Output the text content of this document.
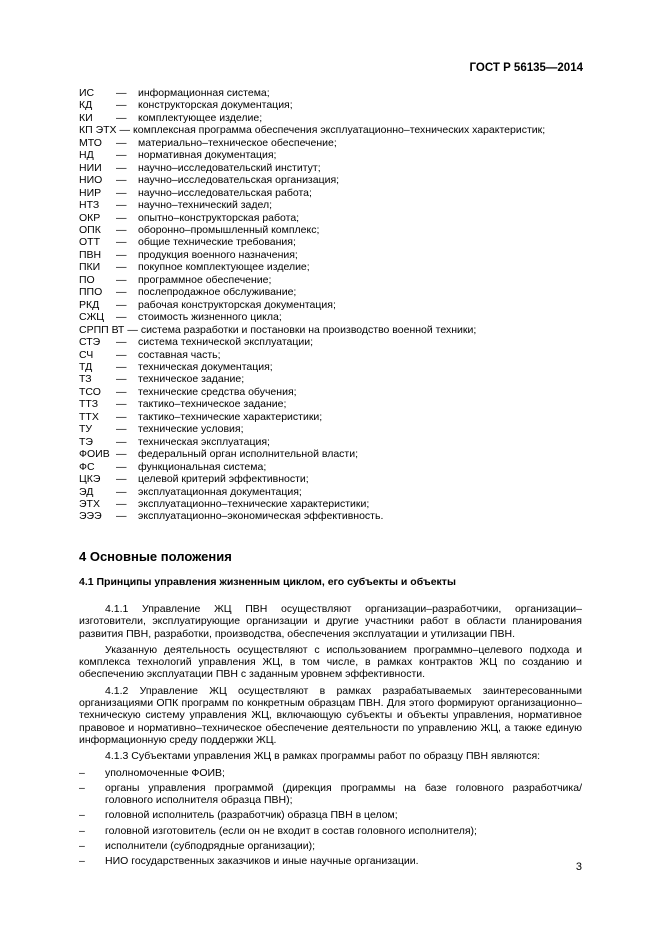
ГОСТ Р 56135—2014
ИС	—	информационная система;
КД	—	конструкторская документация;
КИ	—	комплектующее изделие;
КП ЭТХ — комплексная программа обеспечения эксплуатационно–технических характеристик;
МТО	—	материально–техническое обеспечение;
НД	—	нормативная документация;
НИИ	—	научно–исследовательский институт;
НИО	—	научно–исследовательская организация;
НИР	—	научно–исследовательская работа;
НТЗ	—	научно–технический задел;
ОКР	—	опытно–конструкторская работа;
ОПК	—	оборонно–промышленный комплекс;
ОТТ	—	общие технические требования;
ПВН	—	продукция военного назначения;
ПКИ	—	покупное комплектующее изделие;
ПО	—	программное обеспечение;
ППО	—	послепродажное обслуживание;
РКД	—	рабочая конструкторская документация;
СЖЦ	—	стоимость жизненного цикла;
СРПП ВТ — система разработки и постановки на производство военной техники;
СТЭ	—	система технической эксплуатации;
СЧ	—	составная часть;
ТД	—	техническая документация;
ТЗ	—	техническое задание;
ТСО	—	технические средства обучения;
ТТЗ	—	тактико–техническое задание;
ТТХ	—	тактико–технические характеристики;
ТУ	—	технические условия;
ТЭ	—	техническая эксплуатация;
ФОИВ —	федеральный орган исполнительной власти;
ФС	—	функциональная система;
ЦКЭ	—	целевой критерий эффективности;
ЭД	—	эксплуатационная документация;
ЭТХ	—	эксплуатационно–технические характеристики;
ЭЭЭ	—	эксплуатационно–экономическая эффективность.
4 Основные положения
4.1 Принципы управления жизненным циклом, его субъекты и объекты

4.1.1 Управление ЖЦ ПВН осуществляют организации–разработчики, организации–изготовители, эксплуатирующие организации и другие участники работ в области планирования развития ПВН, разработки, производства, обеспечения эксплуатации и утилизации ПВН.

Указанную деятельность осуществляют с использованием программно–целевого подхода и комплекса технологий управления ЖЦ, в том числе, в рамках контрактов ЖЦ по созданию и обеспечению эксплуатации ПВН с заданным уровнем эффективности.

4.1.2 Управление ЖЦ осуществляют в рамках разрабатываемых заинтересованными организациями ОПК программ по конкретным образцам ПВН. Для этого формируют организационно–техническую систему управления ЖЦ, включающую субъекты и объекты управления, нормативное правовое и нормативно–техническое обеспечение деятельности по управлению ЖЦ, а также единую информационную среду поддержки ЖЦ.

4.1.3 Субъектами управления ЖЦ в рамках программы работ по образцу ПВН являются:

–	уполномоченные ФОИВ;
–	органы управления программой (дирекция программы на базе головного разработчика/головного исполнителя образца ПВН);
–	головной исполнитель (разработчик) образца ПВН в целом;
–	головной изготовитель (если он не входит в состав головного исполнителя);
–	исполнители (субподрядные организации);
–	НИО государственных заказчиков и иные научные организации.	3
